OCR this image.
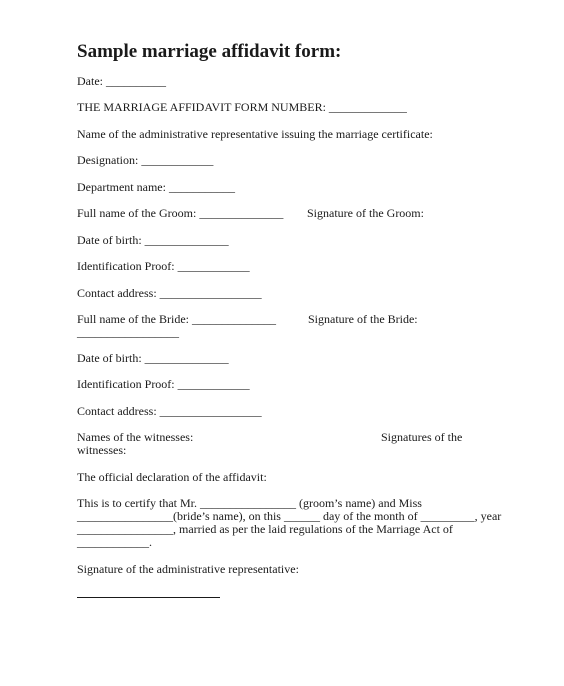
Sample marriage affidavit form:
Date: __________
THE MARRIAGE AFFIDAVIT FORM NUMBER: _____________
Name of the administrative representative issuing the marriage certificate:
Designation: ____________
Department name: ___________
Full name of the Groom: ______________ Signature of the Groom:
Date of birth: ______________
Identification Proof: ____________
Contact address: _________________
Full name of the Bride: ______________	Signature of the Bride:
_________________
Date of birth: ______________
Identification Proof: ____________
Contact address: _________________
Names of the witnesses:	Signatures of the
witnesses:
The official declaration of the affidavit:
This is to certify that Mr. ________________ (groom’s name) and Miss
________________(bride’s name), on this ______ day of the month of _________, year
________________, married as per the laid regulations of the Marriage Act of
____________.
Signature of the administrative representative:
